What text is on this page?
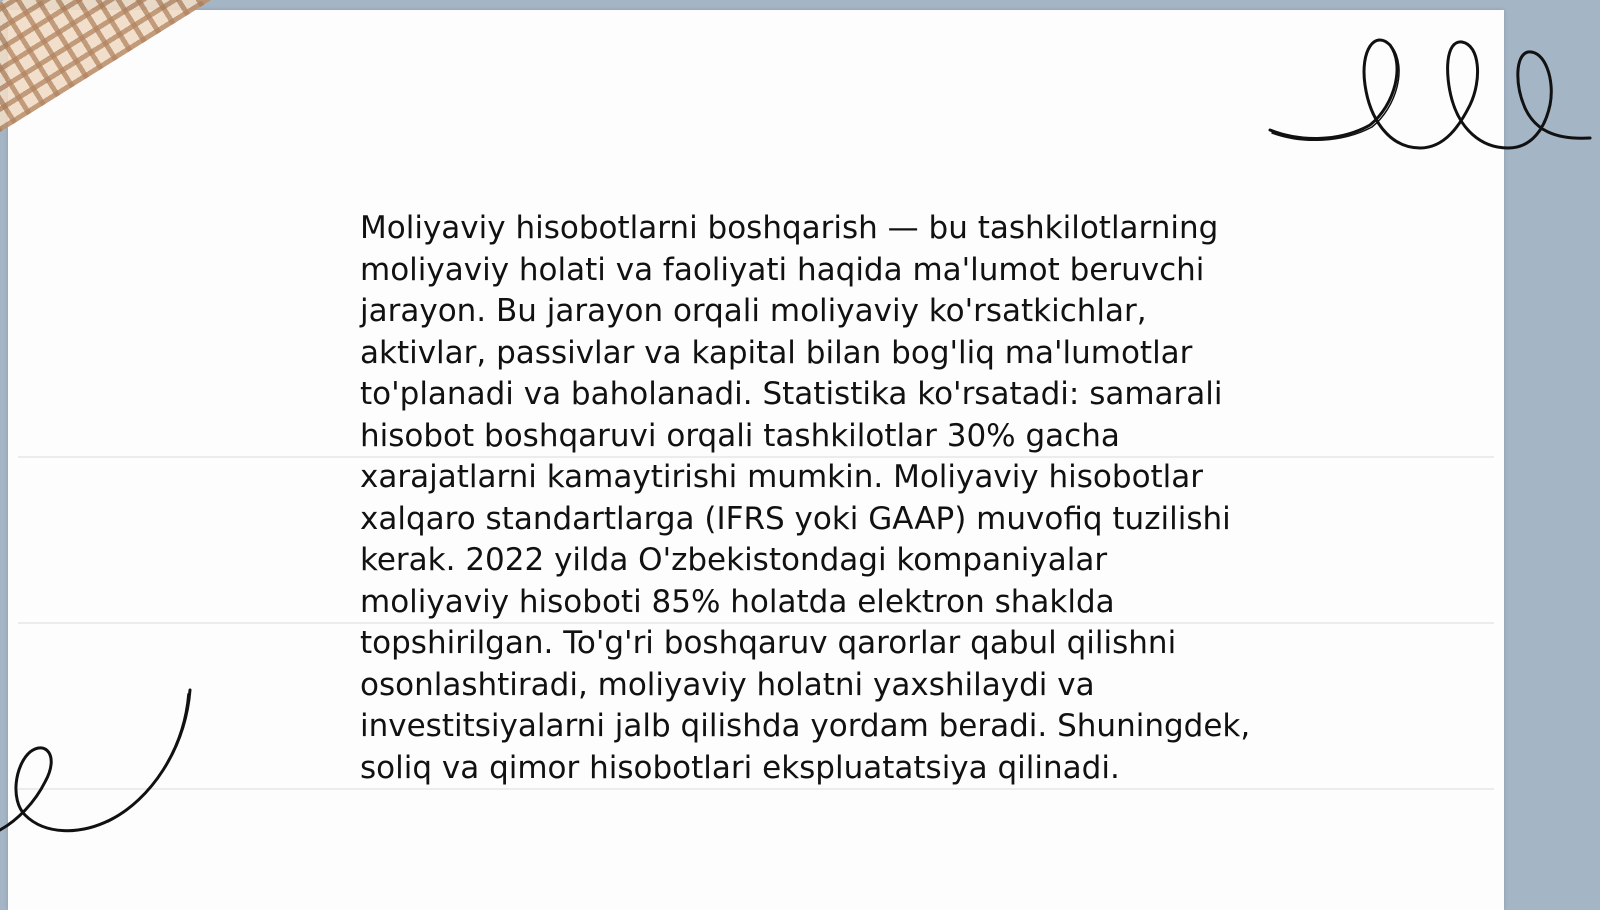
Moliyaviy hisobotlarni boshqarish — bu tashkilotlarning moliyaviy holati va faoliyati haqida ma'lumot beruvchi jarayon. Bu jarayon orqali moliyaviy ko'rsatkichlar, aktivlar, passivlar va kapital bilan bog'liq ma'lumotlar to'planadi va baholanadi. Statistika ko'rsatadi: samarali hisobot boshqaruvi orqali tashkilotlar 30% gacha xarajatlarni kamaytirishi mumkin. Moliyaviy hisobotlar xalqaro standartlarga (IFRS yoki GAAP) muvofiq tuzilishi kerak. 2022 yilda O'zbekistondagi kompaniyalar moliyaviy hisoboti 85% holatda elektron shaklda topshirilgan. To'g'ri boshqaruv qarorlar qabul qilishni osonlashtiradi, moliyaviy holatni yaxshilaydi va investitsiyalarni jalb qilishda yordam beradi. Shuningdek, soliq va qimor hisobotlari ekspluatatsiya qilinadi.
